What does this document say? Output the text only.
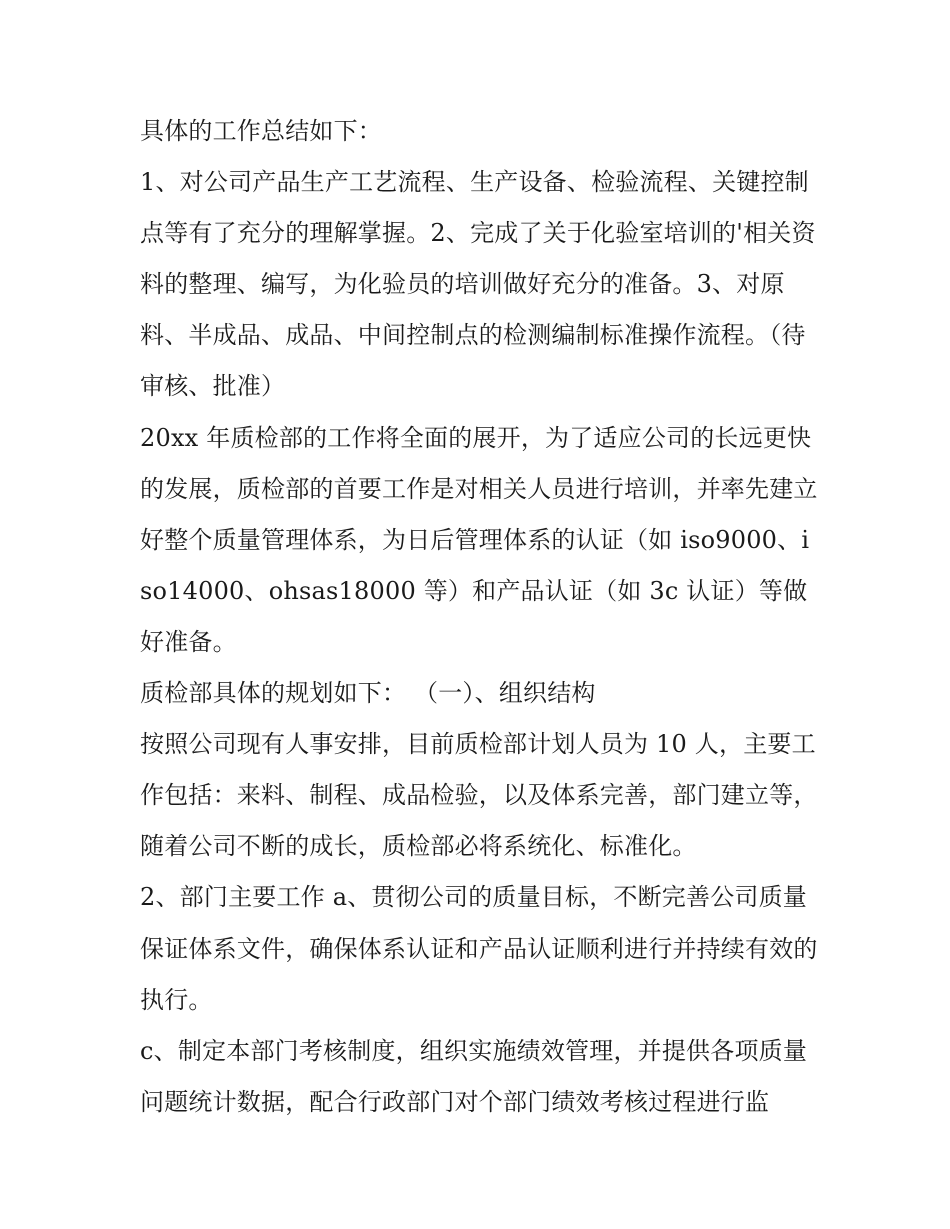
具体的工作总结如下：

1、对公司产品生产工艺流程、生产设备、检验流程、关键控制点等有了充分的理解掌握。2、完成了关于化验室培训的'相关资料的整理、编写，为化验员的培训做好充分的准备。3、对原料、半成品、成品、中间控制点的检测编制标准操作流程。（待审核、批准）

20xx 年质检部的工作将全面的展开，为了适应公司的长远更快的发展，质检部的首要工作是对相关人员进行培训，并率先建立好整个质量管理体系，为日后管理体系的认证（如 iso9000、iso14000、ohsas18000 等）和产品认证（如 3c 认证）等做好准备。

质检部具体的规划如下： （一）、组织结构

按照公司现有人事安排，目前质检部计划人员为 10 人，主要工作包括：来料、制程、成品检验，以及体系完善，部门建立等，随着公司不断的成长，质检部必将系统化、标准化。

2、部门主要工作 a、贯彻公司的质量目标，不断完善公司质量保证体系文件，确保体系认证和产品认证顺利进行并持续有效的执行。

c、制定本部门考核制度，组织实施绩效管理，并提供各项质量问题统计数据，配合行政部门对个部门绩效考核过程进行监
